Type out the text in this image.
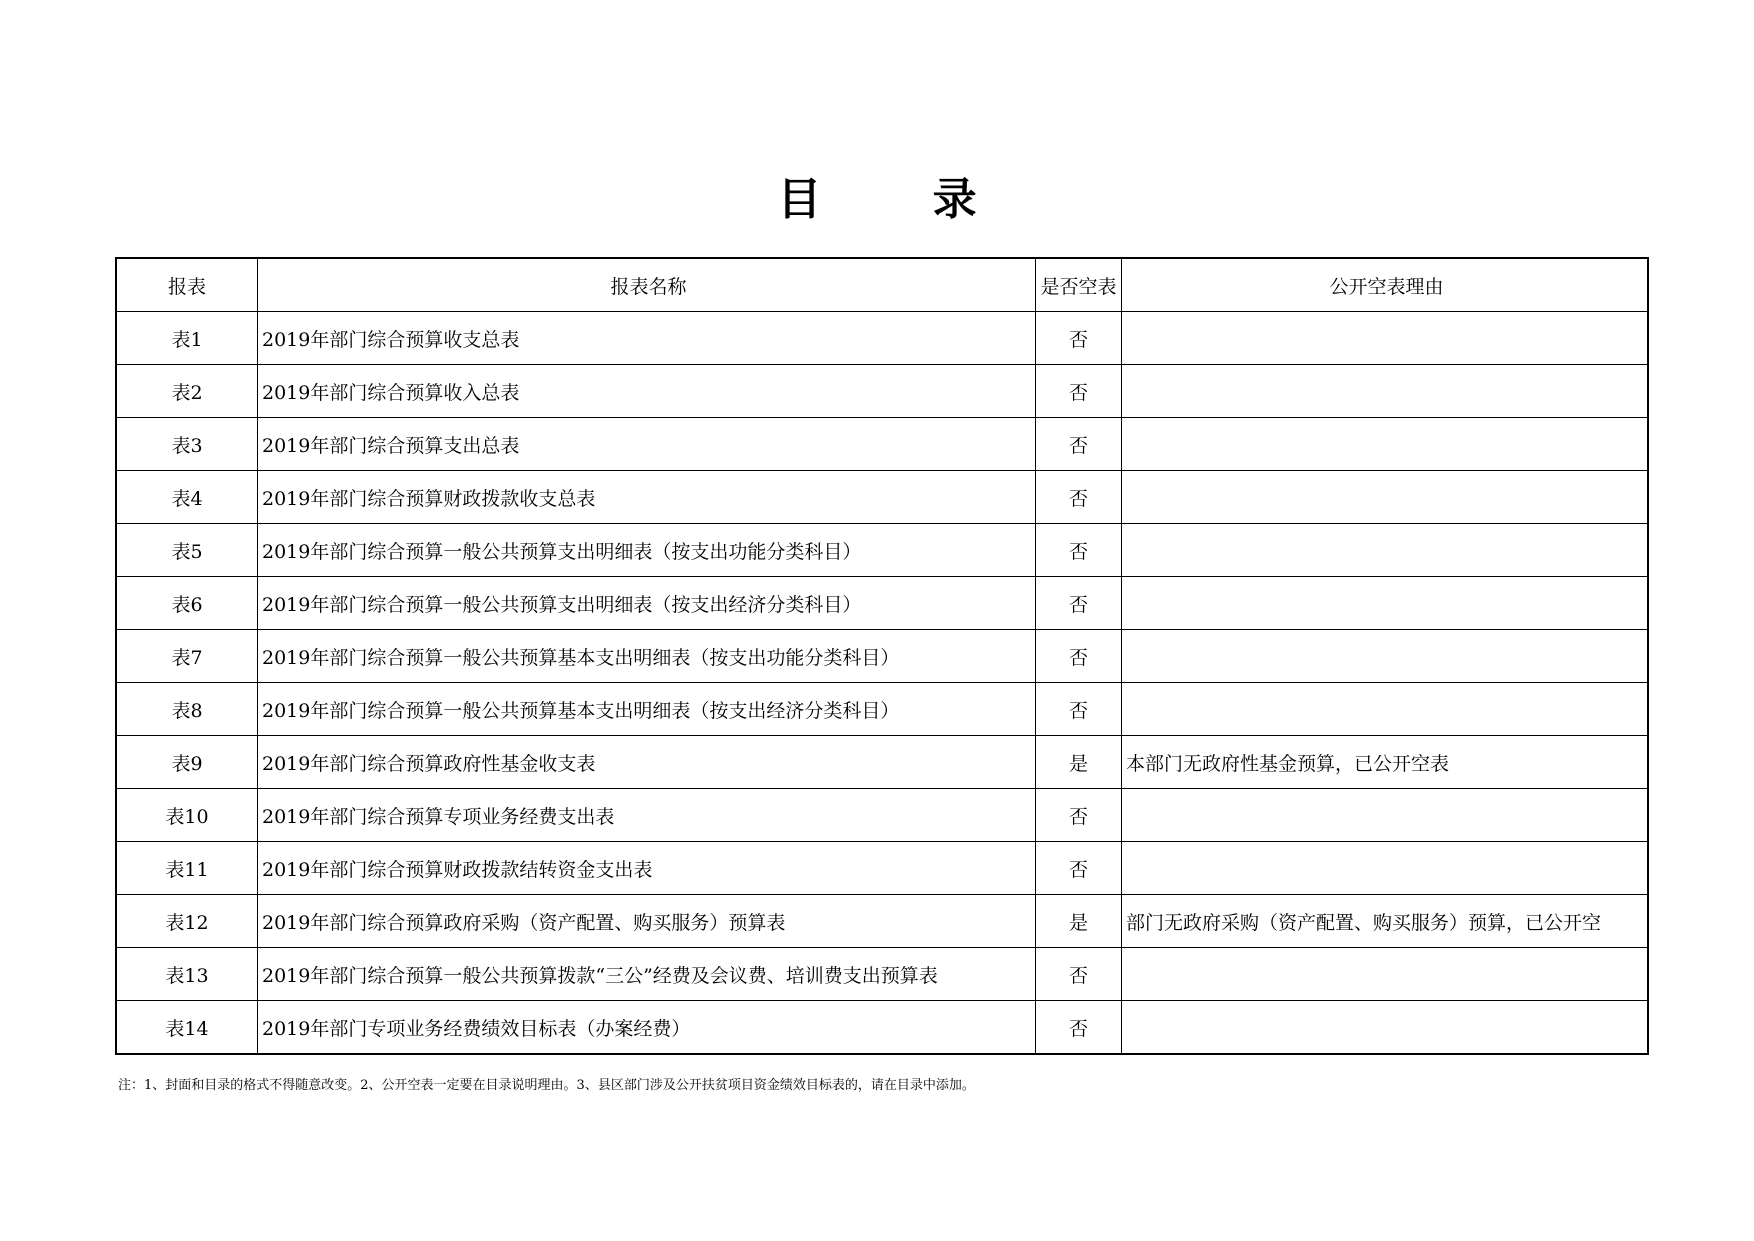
目 录
报表	报表名称	是否空表	公开空表理由
表1	2019年部门综合预算收支总表	否	
表2	2019年部门综合预算收入总表	否	
表3	2019年部门综合预算支出总表	否	
表4	2019年部门综合预算财政拨款收支总表	否	
表5	2019年部门综合预算一般公共预算支出明细表（按支出功能分类科目）	否	
表6	2019年部门综合预算一般公共预算支出明细表（按支出经济分类科目）	否	
表7	2019年部门综合预算一般公共预算基本支出明细表（按支出功能分类科目）	否	
表8	2019年部门综合预算一般公共预算基本支出明细表（按支出经济分类科目）	否	
表9	2019年部门综合预算政府性基金收支表	是	本部门无政府性基金预算，已公开空表
表10	2019年部门综合预算专项业务经费支出表	否	
表11	2019年部门综合预算财政拨款结转资金支出表	否	
表12	2019年部门综合预算政府采购（资产配置、购买服务）预算表	是	部门无政府采购（资产配置、购买服务）预算，已公开空
表13	2019年部门综合预算一般公共预算拨款“三公”经费及会议费、培训费支出预算表	否	
表14	2019年部门专项业务经费绩效目标表（办案经费）	否	
注：1、封面和目录的格式不得随意改变。2、公开空表一定要在目录说明理由。3、县区部门涉及公开扶贫项目资金绩效目标表的，请在目录中添加。
